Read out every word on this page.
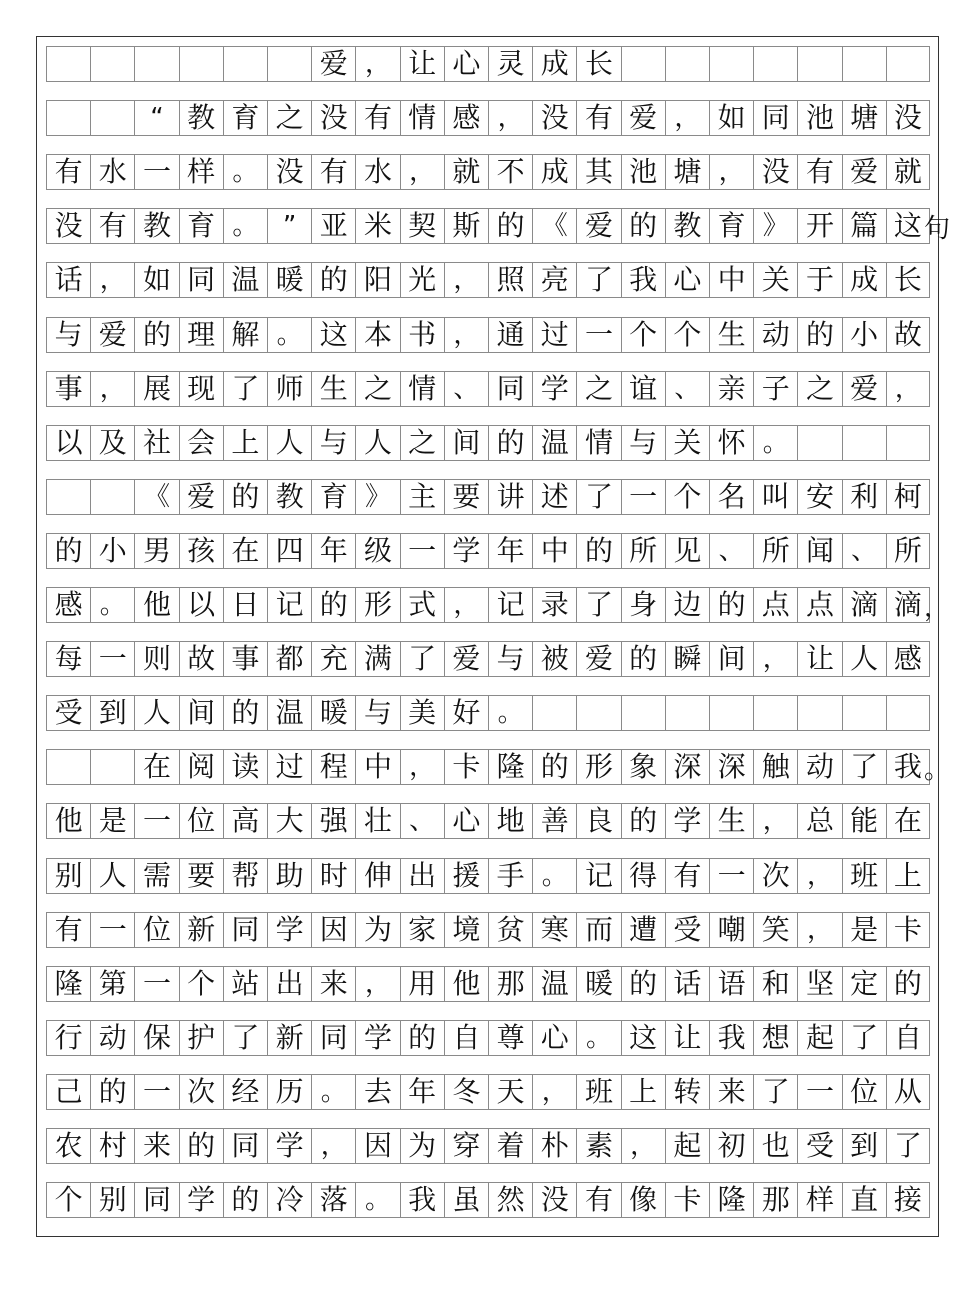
爱 ， 让 心 灵 成 长
“ 教 育 之 没 有 情 感 ， 没 有 爱 ， 如 同 池 塘 没
有 水 一 样 。 没 有 水 ， 就 不 成 其 池 塘 ， 没 有 爱 就
没 有 教 育 。 ” 亚 米 契 斯 的 《 爱 的 教 育 》 开 篇 这 句
话 ， 如 同 温 暖 的 阳 光 ， 照 亮 了 我 心 中 关 于 成 长
与 爱 的 理 解 。 这 本 书 ， 通 过 一 个 个 生 动 的 小 故
事 ， 展 现 了 师 生 之 情 、 同 学 之 谊 、 亲 子 之 爱 ，
以 及 社 会 上 人 与 人 之 间 的 温 情 与 关 怀 。
《 爱 的 教 育 》 主 要 讲 述 了 一 个 名 叫 安 利 柯
的 小 男 孩 在 四 年 级 一 学 年 中 的 所 见 、 所 闻 、 所
感 。 他 以 日 记 的 形 式 ， 记 录 了 身 边 的 点 点 滴 滴 ，
每 一 则 故 事 都 充 满 了 爱 与 被 爱 的 瞬 间 ， 让 人 感
受 到 人 间 的 温 暖 与 美 好 。
在 阅 读 过 程 中 ， 卡 隆 的 形 象 深 深 触 动 了 我 。
他 是 一 位 高 大 强 壮 、 心 地 善 良 的 学 生 ， 总 能 在
别 人 需 要 帮 助 时 伸 出 援 手 。 记 得 有 一 次 ， 班 上
有 一 位 新 同 学 因 为 家 境 贫 寒 而 遭 受 嘲 笑 ， 是 卡
隆 第 一 个 站 出 来 ， 用 他 那 温 暖 的 话 语 和 坚 定 的
行 动 保 护 了 新 同 学 的 自 尊 心 。 这 让 我 想 起 了 自
己 的 一 次 经 历 。 去 年 冬 天 ， 班 上 转 来 了 一 位 从
农 村 来 的 同 学 ， 因 为 穿 着 朴 素 ， 起 初 也 受 到 了
个 别 同 学 的 冷 落 。 我 虽 然 没 有 像 卡 隆 那 样 直 接
